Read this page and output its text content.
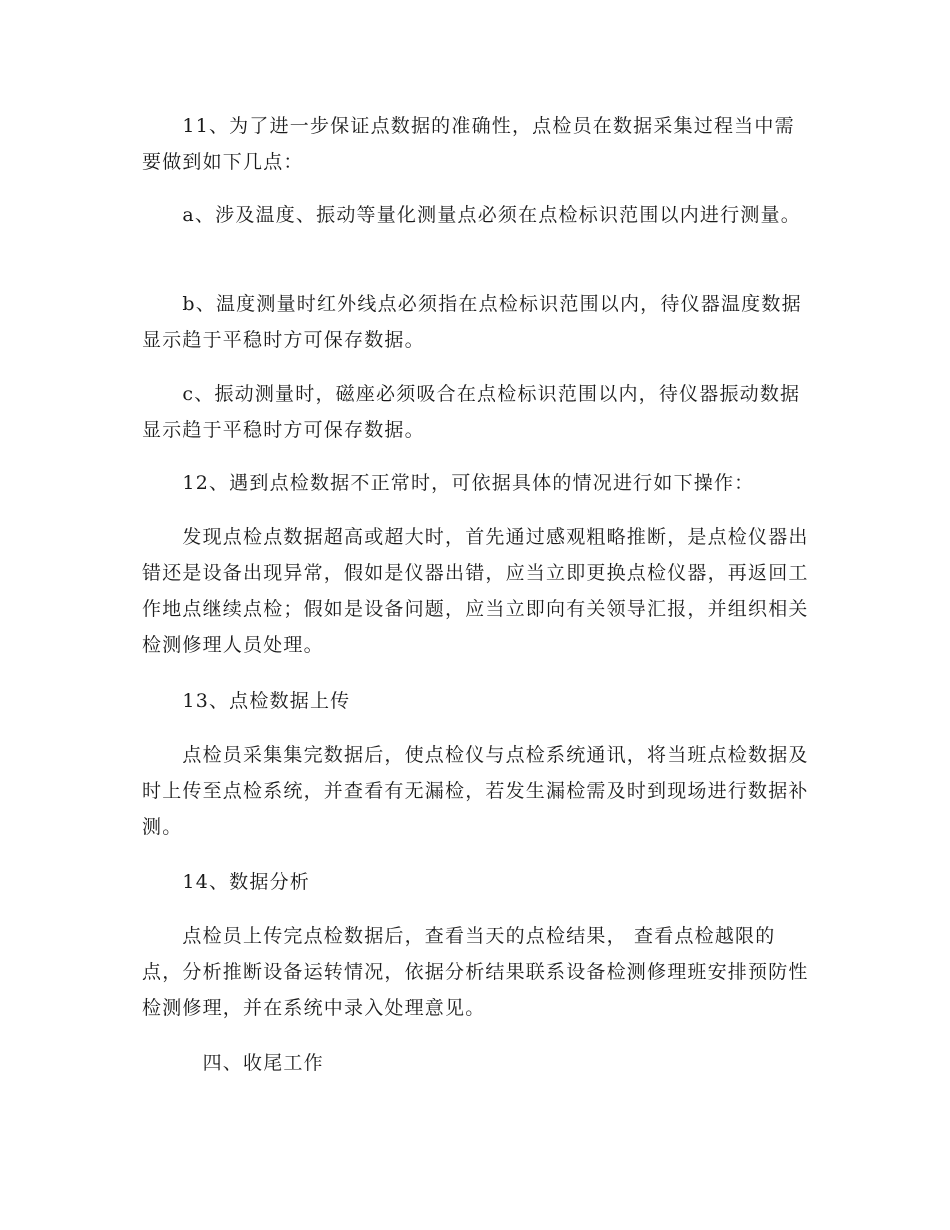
　　11、为了进一步保证点数据的准确性，点检员在数据采集过程当中需要做到如下几点：

　　a、涉及温度、振动等量化测量点必须在点检标识范围以内进行测量。

　　b、温度测量时红外线点必须指在点检标识范围以内，待仪器温度数据显示趋于平稳时方可保存数据。

　　c、振动测量时，磁座必须吸合在点检标识范围以内，待仪器振动数据显示趋于平稳时方可保存数据。

　　12、遇到点检数据不正常时，可依据具体的情况进行如下操作：

　　发现点检点数据超高或超大时，首先通过感观粗略推断，是点检仪器出错还是设备出现异常，假如是仪器出错，应当立即更换点检仪器，再返回工作地点继续点检；假如是设备问题，应当立即向有关领导汇报，并组织相关检测修理人员处理。

　　13、点检数据上传

　　点检员采集集完数据后，使点检仪与点检系统通讯，将当班点检数据及时上传至点检系统，并查看有无漏检，若发生漏检需及时到现场进行数据补测。

　　14、数据分析

　　点检员上传完点检数据后，查看当天的点检结果， 查看点检越限的点，分析推断设备运转情况，依据分析结果联系设备检测修理班安排预防性检测修理，并在系统中录入处理意见。

　　　四、收尾工作
